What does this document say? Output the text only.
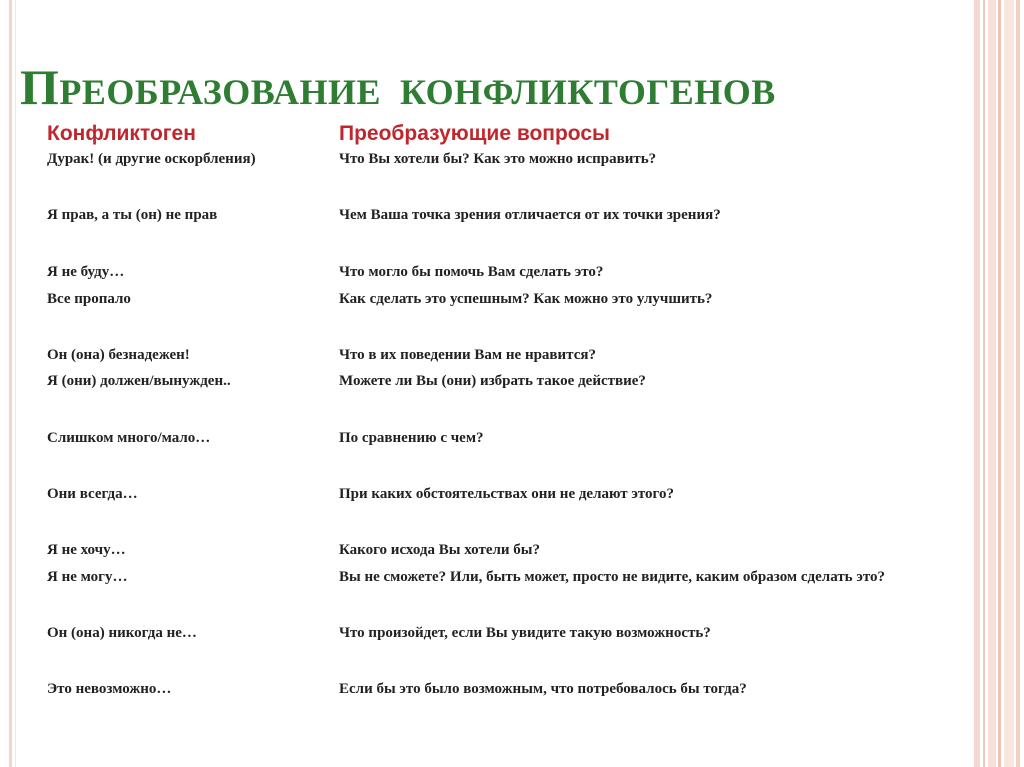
ПРЕОБРАЗОВАНИЕ  КОНФЛИКТОГЕНОВ
Конфликтоген	Преобразующие вопросы
Дурак! (и другие оскорбления)	Что Вы хотели бы? Как это можно исправить?
Я прав, а ты (он) не прав	Чем Ваша точка зрения отличается от их точки зрения?
Я не буду…	Что могло бы помочь Вам сделать это?
Все пропало	Как сделать это успешным? Как можно это улучшить?
Он (она) безнадежен!	Что в их поведении Вам не нравится?
Я (они) должен/вынужден..	Можете ли Вы (они) избрать такое действие?
Слишком много/мало…	По сравнению с чем?
Они всегда…	При каких обстоятельствах они не делают этого?
Я не хочу…	Какого исхода Вы хотели бы?
Я не могу…	Вы не сможете? Или, быть может, просто не видите, каким образом сделать это?
Он (она) никогда не…	Что произойдет, если Вы увидите такую возможность?
Это невозможно…	Если бы это было возможным, что потребовалось бы тогда?
